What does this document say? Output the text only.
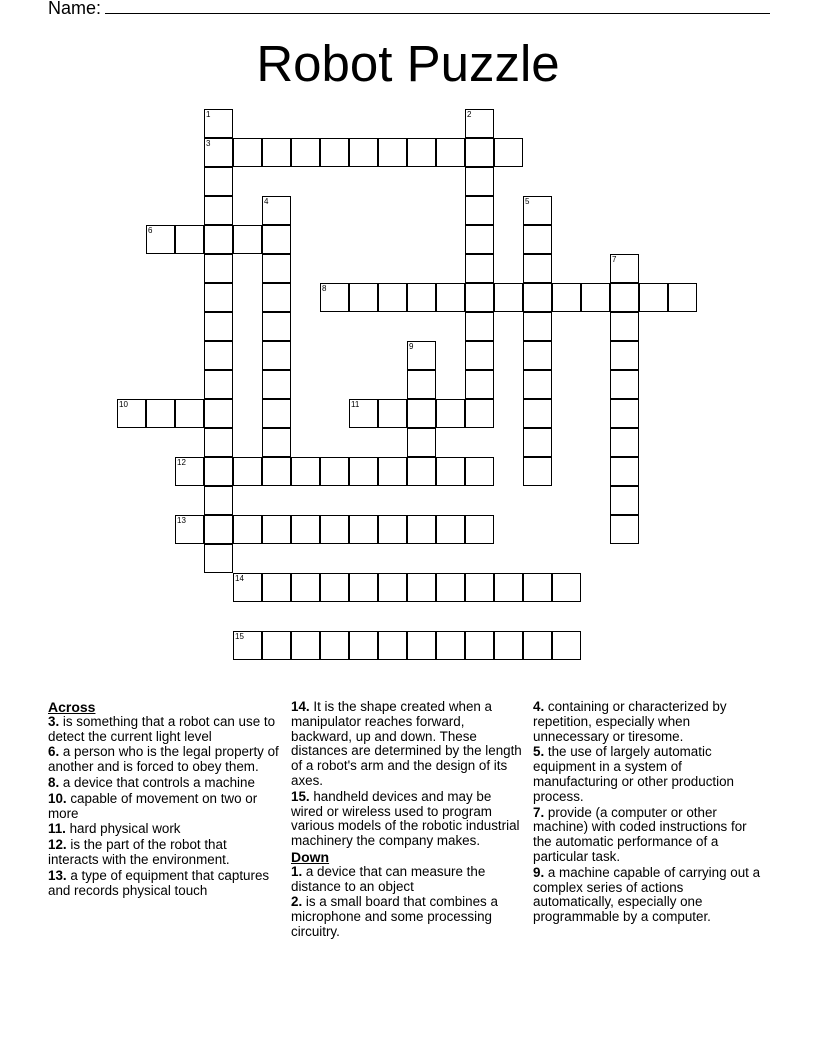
Name:
Robot Puzzle
1
3
2
4	5
6
7
8
9
10	11
12
13
14
15
Across
3. is something that a robot can use to detect the current light level
6. a person who is the legal property of another and is forced to obey them.
8. a device that controls a machine
10. capable of movement on two or more
11. hard physical work
12. is the part of the robot that interacts with the environment.
13. a type of equipment that captures and records physical touch
14. It is the shape created when a manipulator reaches forward, backward, up and down. These distances are determined by the length of a robot's arm and the design of its axes.
15. handheld devices and may be wired or wireless used to program various models of the robotic industrial machinery the company makes.
Down
1. a device that can measure the distance to an object
2. is a small board that combines a microphone and some processing circuitry.
4. containing or characterized by repetition, especially when unnecessary or tiresome.
5. the use of largely automatic equipment in a system of manufacturing or other production process.
7. provide (a computer or other machine) with coded instructions for the automatic performance of a particular task.
9. a machine capable of carrying out a complex series of actions automatically, especially one programmable by a computer.
